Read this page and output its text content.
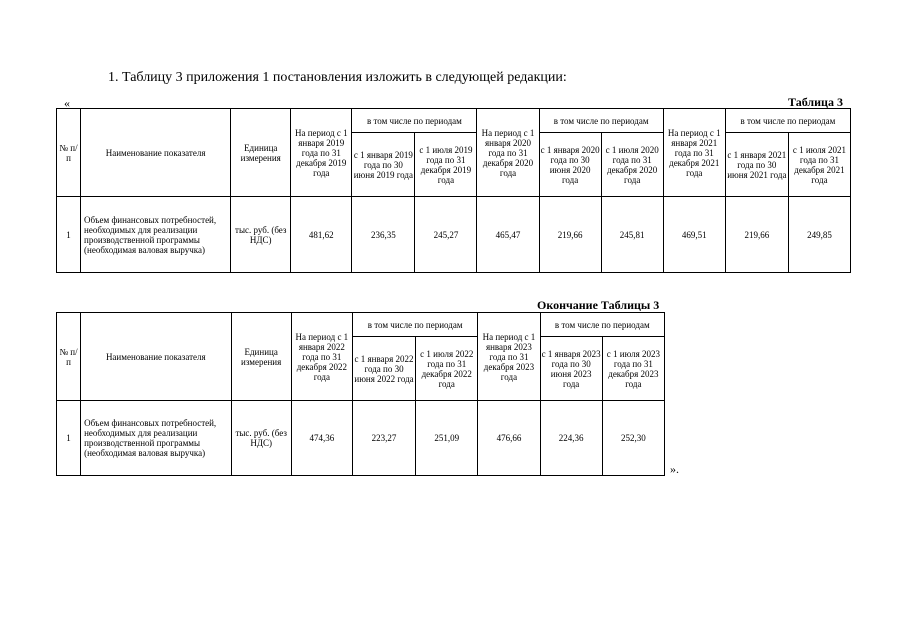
1. Таблицу 3 приложения 1 постановления изложить в следующей редакции:
«	Таблица 3
№ п/п	Наименование показателя	Единица измерения	На период с 1 января 2019 года по 31 декабря 2019 года	в том числе по периодам		На период с 1 января 2020 года по 31 декабря 2020 года	в том числе по периодам		На период с 1 января 2021 года по 31 декабря 2021 года	в том числе по периодам	
				с 1 января 2019 года по 30 июня 2019 года	с 1 июля 2019 года по 31 декабря 2019 года		с 1 января 2020 года по 30 июня 2020 года	с 1 июля 2020 года по 31 декабря 2020 года		с 1 января 2021 года по 30 июня 2021 года	с 1 июля 2021 года по 31 декабря 2021 года
1	Объем финансовых потребностей, необходимых для реализации производственной программы (необходимая валовая выручка)	тыс. руб. (без НДС)	481,62	236,35	245,27	465,47	219,66	245,81	469,51	219,66	249,85
Окончание Таблицы 3
№ п/п	Наименование показателя	Единица измерения	На период с 1 января 2022 года по 31 декабря 2022 года	в том числе по периодам		На период с 1 января 2023 года по 31 декабря 2023 года	в том числе по периодам	
				с 1 января 2022 года по 30 июня 2022 года	с 1 июля 2022 года по 31 декабря 2022 года		с 1 января 2023 года по 30 июня 2023 года	с 1 июля 2023 года по 31 декабря 2023 года
1	Объем финансовых потребностей, необходимых для реализации производственной программы (необходимая валовая выручка)	тыс. руб. (без НДС)	474,36	223,27	251,09	476,66	224,36	252,30
».
